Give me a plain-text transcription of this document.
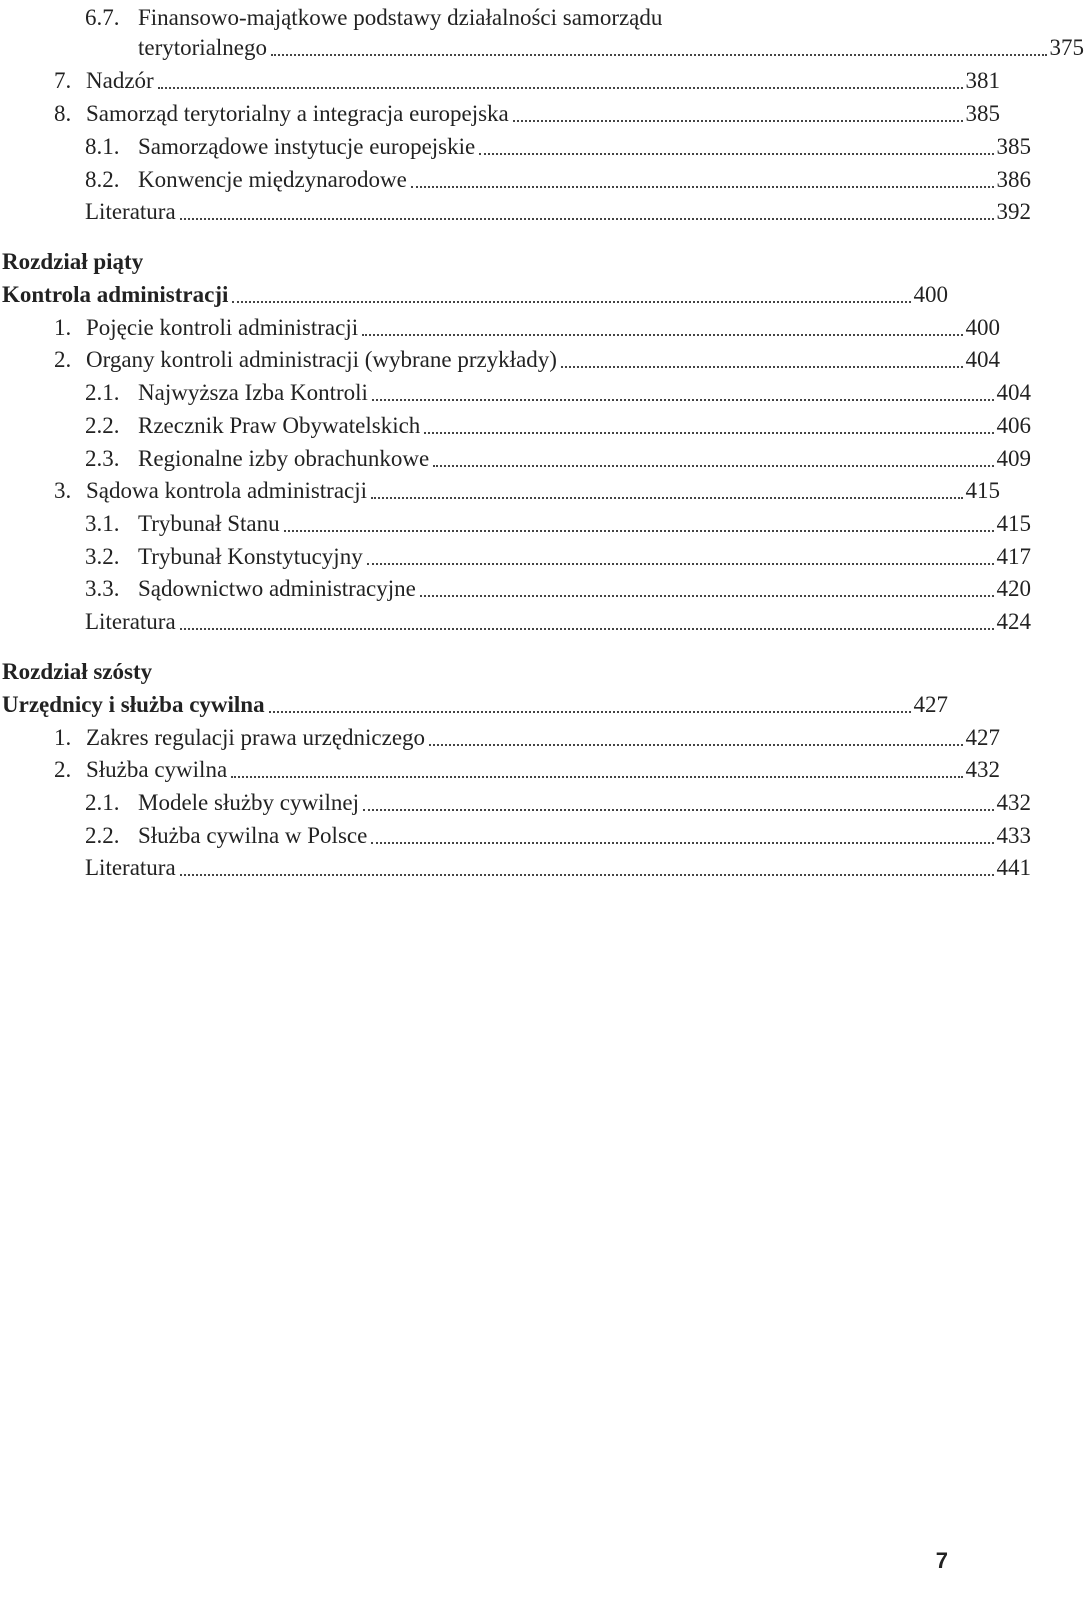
6.7. Finansowo-majątkowe podstawy działalności samorządu
terytorialnego	375
7. Nadzór	381
8. Samorząd terytorialny a integracja europejska	385
8.1. Samorządowe instytucje europejskie	385
8.2. Konwencje międzynarodowe	386
Literatura	392
Rozdział piąty
Kontrola administracji	400
1. Pojęcie kontroli administracji	400
2. Organy kontroli administracji (wybrane przykłady)	404
2.1. Najwyższa Izba Kontroli	404
2.2. Rzecznik Praw Obywatelskich	406
2.3. Regionalne izby obrachunkowe	409
3. Sądowa kontrola administracji	415
3.1. Trybunał Stanu	415
3.2. Trybunał Konstytucyjny	417
3.3. Sądownictwo administracyjne	420
Literatura	424
Rozdział szósty
Urzędnicy i służba cywilna	427
1. Zakres regulacji prawa urzędniczego	427
2. Służba cywilna	432
2.1. Modele służby cywilnej	432
2.2. Służba cywilna w Polsce	433
Literatura	441
7
